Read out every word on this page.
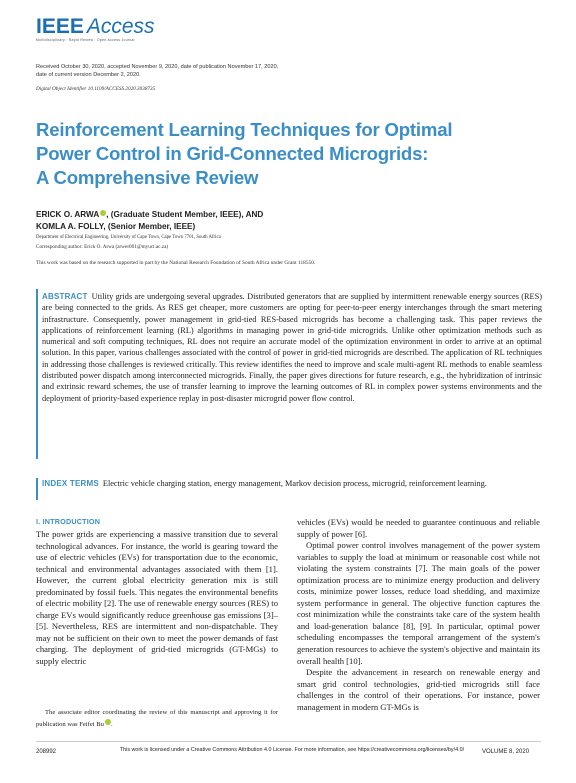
IEEE Access
Multidisciplinary : Rapid Review : Open Access Journal
Received October 30, 2020, accepted November 9, 2020, date of publication November 17, 2020,
date of current version December 2, 2020.
Digital Object Identifier 10.1109/ACCESS.2020.3038735
Reinforcement Learning Techniques for Optimal
Power Control in Grid-Connected Microgrids:
A Comprehensive Review
ERICK O. ARWA , (Graduate Student Member, IEEE), AND
KOMLA A. FOLLY, (Senior Member, IEEE)
Department of Electrical Engineering, University of Cape Town, Cape Town 7701, South Africa
Corresponding author: Erick O. Arwa (arwer001@myuct.ac.za)
This work was based on the research supported in part by the National Research Foundation of South Africa under Grant 118550.
ABSTRACT Utility grids are undergoing several upgrades. Distributed generators that are supplied by intermittent renewable energy sources (RES) are being connected to the grids. As RES get cheaper, more customers are opting for peer-to-peer energy interchanges through the smart metering infrastructure. Consequently, power management in grid-tied RES-based microgrids has become a challenging task. This paper reviews the applications of reinforcement learning (RL) algorithms in managing power in grid-tide microgrids. Unlike other optimization methods such as numerical and soft computing techniques, RL does not require an accurate model of the optimization environment in order to arrive at an optimal solution. In this paper, various challenges associated with the control of power in grid-tied microgrids are described. The application of RL techniques in addressing those challenges is reviewed critically. This review identifies the need to improve and scale multi-agent RL methods to enable seamless distributed power dispatch among interconnected microgrids. Finally, the paper gives directions for future research, e.g., the hybridization of intrinsic and extrinsic reward schemes, the use of transfer learning to improve the learning outcomes of RL in complex power systems environments and the deployment of priority-based experience replay in post-disaster microgrid power flow control.
INDEX TERMS Electric vehicle charging station, energy management, Markov decision process, microgrid, reinforcement learning.
I. INTRODUCTION
The power grids are experiencing a massive transition due to several technological advances. For instance, the world is gearing toward the use of electric vehicles (EVs) for transportation due to the economic, technical and environmental advantages associated with them [1]. However, the current global electricity generation mix is still predominated by fossil fuels. This negates the environmental benefits of electric mobility [2]. The use of renewable energy sources (RES) to charge EVs would significantly reduce greenhouse gas emissions [3]–[5]. Nevertheless, RES are intermittent and non-dispatchable. They may not be sufficient on their own to meet the power demands of fast charging. The deployment of grid-tied microgrids (GT-MGs) to supply electric
vehicles (EVs) would be needed to guarantee continuous and reliable supply of power [6].
Optimal power control involves management of the power system variables to supply the load at minimum or reasonable cost while not violating the system constraints [7]. The main goals of the power optimization process are to minimize energy production and delivery costs, minimize power losses, reduce load shedding, and maximize system performance in general. The objective function captures the cost minimization while the constraints take care of the system health and load-generation balance [8], [9]. In particular, optimal power scheduling encompasses the temporal arrangement of the system's generation resources to achieve the system's objective and maintain its overall health [10].
Despite the advancement in research on renewable energy and smart grid control technologies, grid-tied microgrids still face challenges in the control of their operations. For instance, power management in modern GT-MGs is
The associate editor coordinating the review of this manuscript and approving it for publication was Feifei Bu .
208992	This work is licensed under a Creative Commons Attribution 4.0 License. For more information, see https://creativecommons.org/licenses/by/4.0/	VOLUME 8, 2020
